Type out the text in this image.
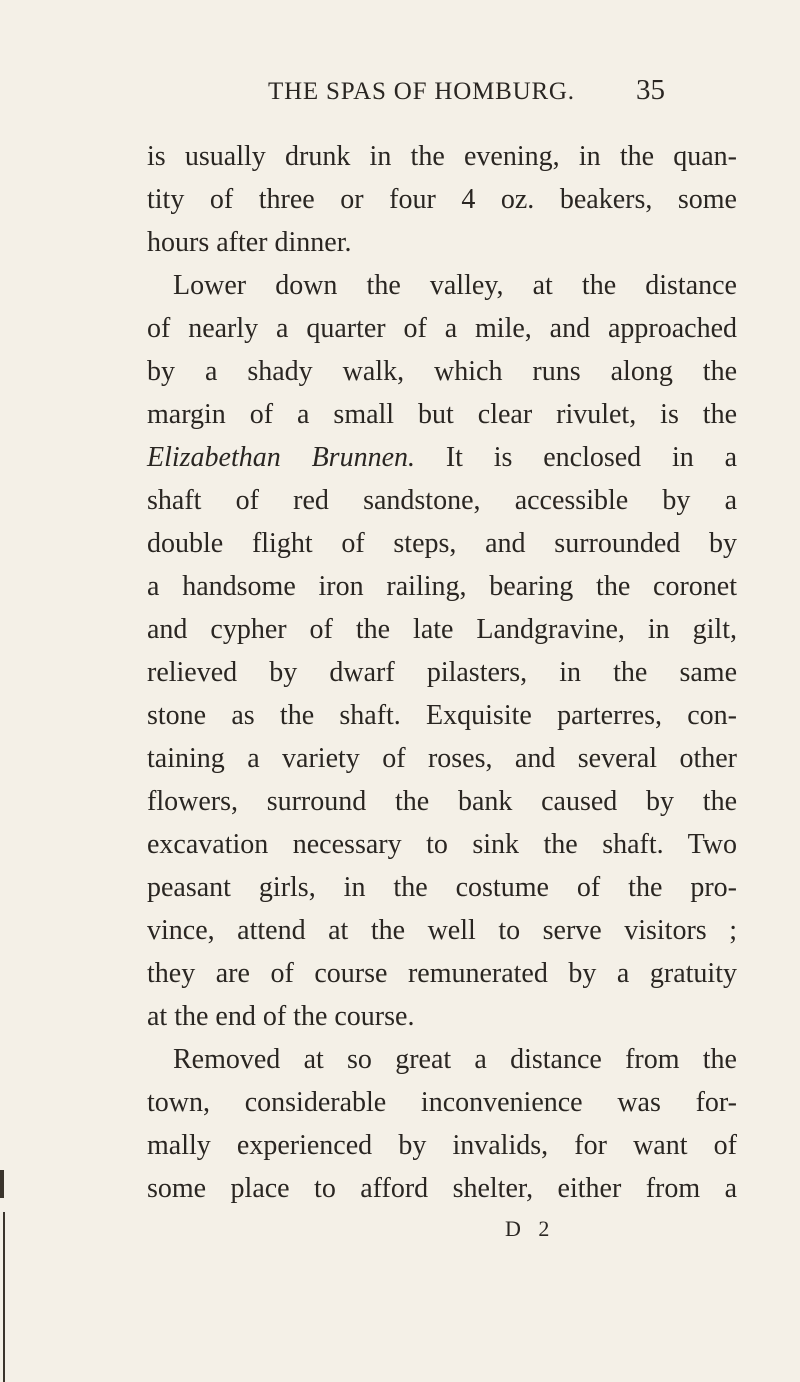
THE SPAS OF HOMBURG. 35
is usually drunk in the evening, in the quan-
tity of three or four 4 oz. beakers, some
hours after dinner.
Lower down the valley, at the distance
of nearly a quarter of a mile, and approached
by a shady walk, which runs along the
margin of a small but clear rivulet, is the
Elizabethan Brunnen. It is enclosed in a
shaft of red sandstone, accessible by a
double flight of steps, and surrounded by
a handsome iron railing, bearing the coronet
and cypher of the late Landgravine, in gilt,
relieved by dwarf pilasters, in the same
stone as the shaft. Exquisite parterres, con-
taining a variety of roses, and several other
flowers, surround the bank caused by the
excavation necessary to sink the shaft. Two
peasant girls, in the costume of the pro-
vince, attend at the well to serve visitors ;
they are of course remunerated by a gratuity
at the end of the course.
Removed at so great a distance from the
town, considerable inconvenience was for-
mally experienced by invalids, for want of
some place to afford shelter, either from a
D 2
